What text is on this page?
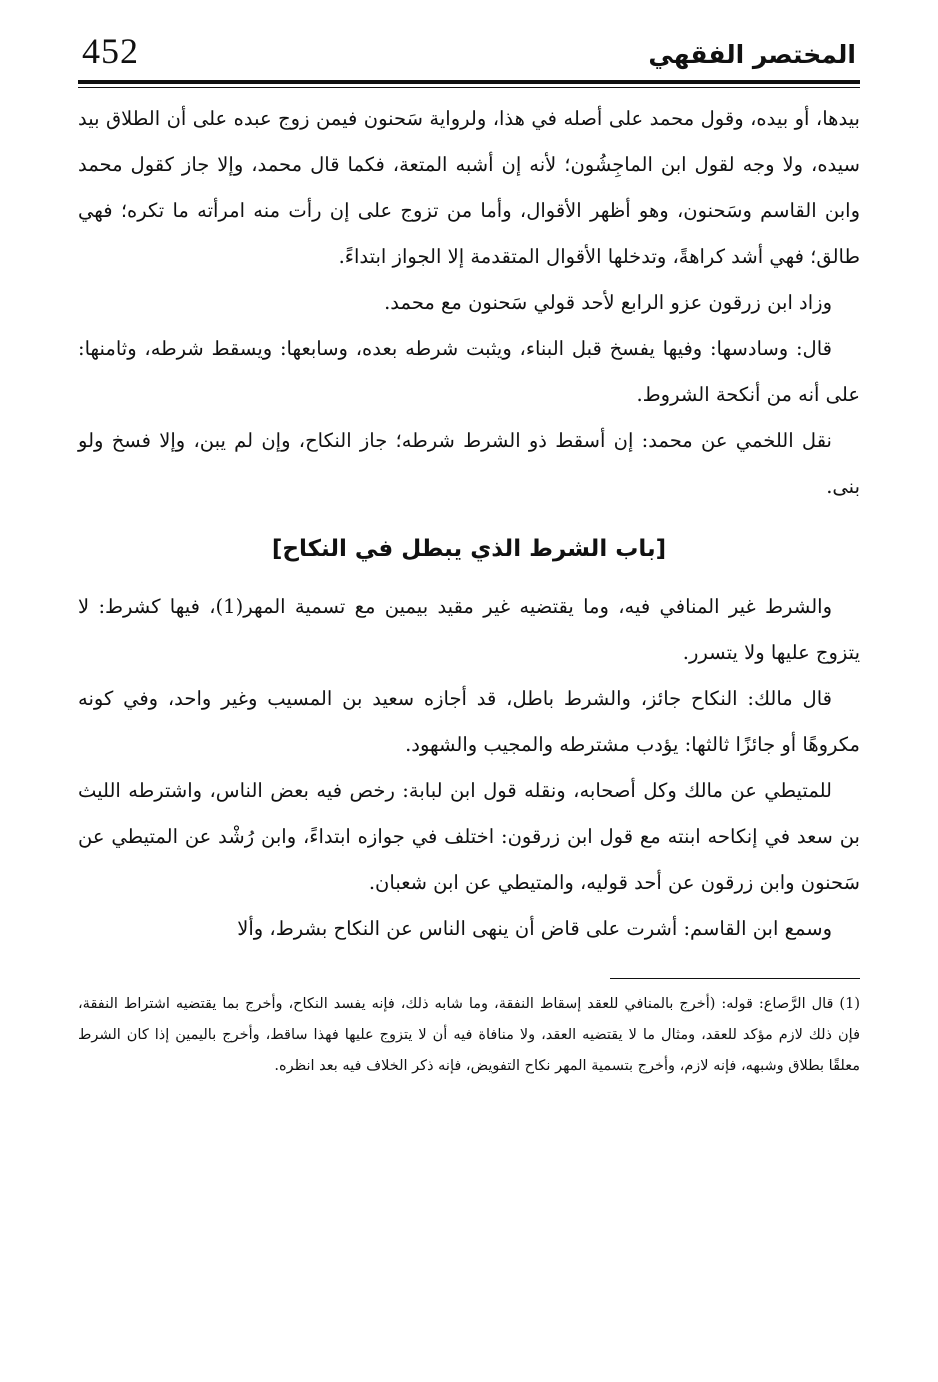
452	المختصر الفقهي

بيدها، أو بيده، وقول محمد على أصله في هذا، ولرواية سَحنون فيمن زوج عبده على أن الطلاق بيد سيده، ولا وجه لقول ابن الماجِشُون؛ لأنه إن أشبه المتعة، فكما قال محمد، وإلا جاز كقول محمد وابن القاسم وسَحنون، وهو أظهر الأقوال، وأما من تزوج على إن رأت منه امرأته ما تكره؛ فهي طالق؛ فهي أشد كراهةً، وتدخلها الأقوال المتقدمة إلا الجواز ابتداءً.

وزاد ابن زرقون عزو الرابع لأحد قولي سَحنون مع محمد.

قال: وسادسها: وفيها يفسخ قبل البناء، ويثبت شرطه بعده، وسابعها: ويسقط شرطه، وثامنها: على أنه من أنكحة الشروط.

نقل اللخمي عن محمد: إن أسقط ذو الشرط شرطه؛ جاز النكاح، وإن لم يبن، وإلا فسخ ولو بنى.

[باب الشرط الذي يبطل في النكاح]

والشرط غير المنافي فيه، وما يقتضيه غير مقيد بيمين مع تسمية المهر(1)، فيها كشرط: لا يتزوج عليها ولا يتسرر.

قال مالك: النكاح جائز، والشرط باطل، قد أجازه سعيد بن المسيب وغير واحد، وفي كونه مكروهًا أو جائزًا ثالثها: يؤدب مشترطه والمجيب والشهود.

للمتيطي عن مالك وكل أصحابه، ونقله قول ابن لبابة: رخص فيه بعض الناس، واشترطه الليث بن سعد في إنكاحه ابنته مع قول ابن زرقون: اختلف في جوازه ابتداءً، وابن رُشْد عن المتيطي عن سَحنون وابن زرقون عن أحد قوليه، والمتيطي عن ابن شعبان.

وسمع ابن القاسم: أشرت على قاض أن ينهى الناس عن النكاح بشرط، وألا

(1) قال الرَّصاع: قوله: (أخرج بالمنافي للعقد إسقاط النفقة، وما شابه ذلك، فإنه يفسد النكاح، وأخرج بما يقتضيه اشتراط النفقة، فإن ذلك لازم مؤكد للعقد، ومثال ما لا يقتضيه العقد، ولا منافاة فيه أن لا يتزوج عليها فهذا ساقط، وأخرج باليمين إذا كان الشرط معلقًا بطلاق وشبهه، فإنه لازم، وأخرج بتسمية المهر نكاح التفويض، فإنه ذكر الخلاف فيه بعد انظره.
